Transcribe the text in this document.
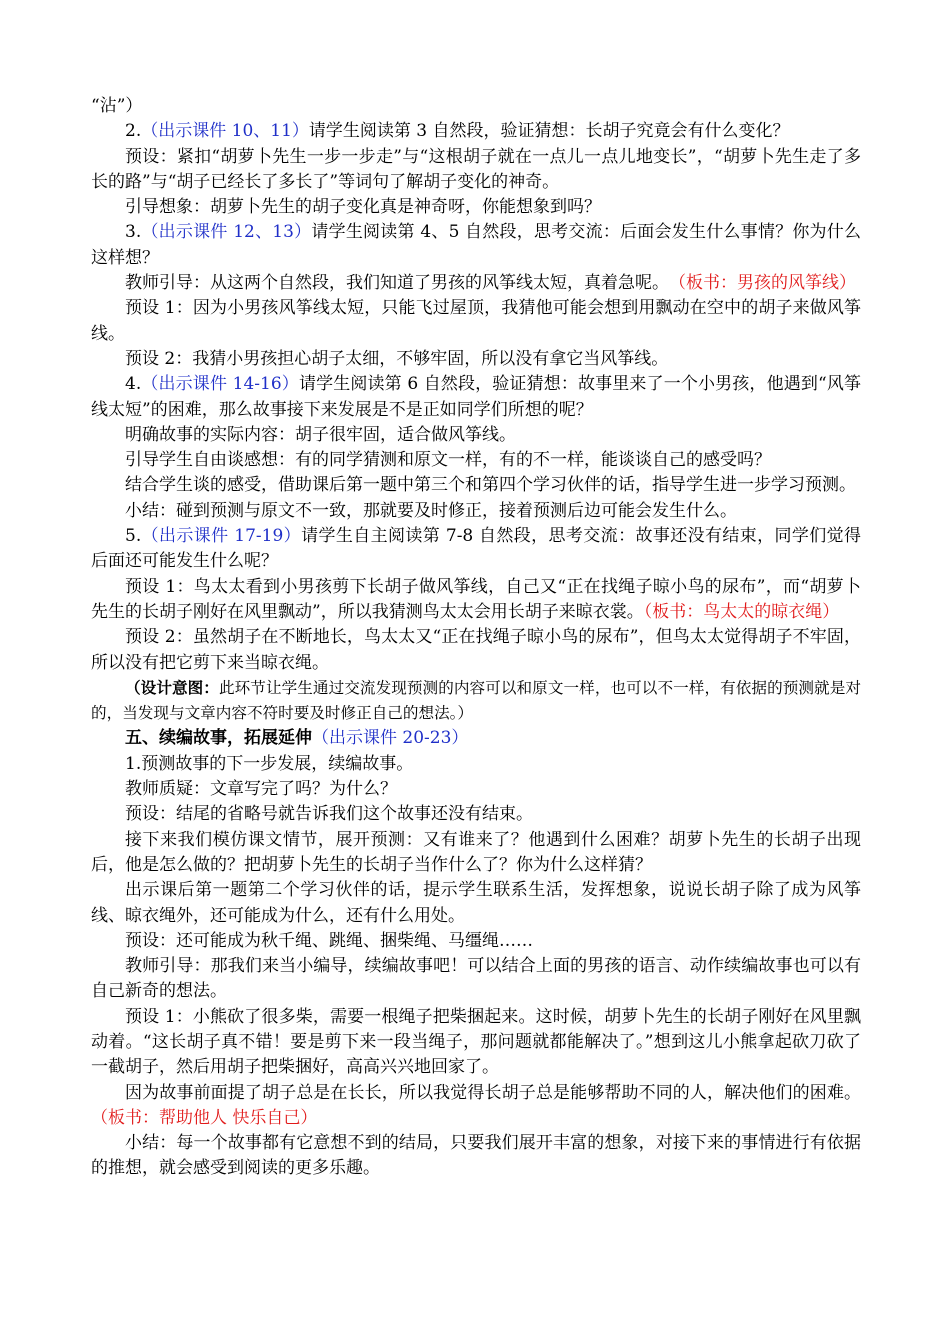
“沾”）

2.（出示课件 10、11）请学生阅读第 3 自然段，验证猜想：长胡子究竟会有什么变化？

预设：紧扣“胡萝卜先生一步一步走”与“这根胡子就在一点儿一点儿地变长”，“胡萝卜先生走了多长的路”与“胡子已经长了多长了”等词句了解胡子变化的神奇。

引导想象：胡萝卜先生的胡子变化真是神奇呀，你能想象到吗？

3.（出示课件 12、13）请学生阅读第 4、5 自然段，思考交流：后面会发生什么事情？你为什么这样想？

教师引导：从这两个自然段，我们知道了男孩的风筝线太短，真着急呢。　（板书：男孩的风筝线）

预设 1：因为小男孩风筝线太短，只能飞过屋顶，我猜他可能会想到用飘动在空中的胡子来做风筝线。

预设 2：我猜小男孩担心胡子太细，不够牢固，所以没有拿它当风筝线。

4.（出示课件 14-16）请学生阅读第 6 自然段，验证猜想：故事里来了一个小男孩，他遇到“风筝线太短”的困难，那么故事接下来发展是不是正如同学们所想的呢？

明确故事的实际内容：胡子很牢固，适合做风筝线。

引导学生自由谈感想：有的同学猜测和原文一样，有的不一样，能谈谈自己的感受吗？

结合学生谈的感受，借助课后第一题中第三个和第四个学习伙伴的话，指导学生进一步学习预测。

小结：碰到预测与原文不一致，那就要及时修正，接着预测后边可能会发生什么。

5.（出示课件 17-19）请学生自主阅读第 7-8 自然段，思考交流：故事还没有结束，同学们觉得后面还可能发生什么呢？

预设 1：鸟太太看到小男孩剪下长胡子做风筝线，自己又“正在找绳子晾小鸟的尿布”，而“胡萝卜先生的长胡子刚好在风里飘动”，所以我猜测鸟太太会用长胡子来晾衣裳。（板书：鸟太太的晾衣绳）

预设 2：虽然胡子在不断地长，鸟太太又“正在找绳子晾小鸟的尿布”，但鸟太太觉得胡子不牢固，所以没有把它剪下来当晾衣绳。

（设计意图：此环节让学生通过交流发现预测的内容可以和原文一样，也可以不一样，有依据的预测就是对的，当发现与文章内容不符时要及时修正自己的想法。）

五、续编故事，拓展延伸（出示课件 20-23）

1.预测故事的下一步发展，续编故事。

教师质疑：文章写完了吗？为什么？

预设：结尾的省略号就告诉我们这个故事还没有结束。

接下来我们模仿课文情节，展开预测：又有谁来了？他遇到什么困难？胡萝卜先生的长胡子出现后，他是怎么做的？把胡萝卜先生的长胡子当作什么了？你为什么这样猜？

出示课后第一题第二个学习伙伴的话，提示学生联系生活，发挥想象，说说长胡子除了成为风筝线、晾衣绳外，还可能成为什么，还有什么用处。

预设：还可能成为秋千绳、跳绳、捆柴绳、马缰绳……

教师引导：那我们来当小编导，续编故事吧！可以结合上面的男孩的语言、动作续编故事也可以有自己新奇的想法。

预设 1：小熊砍了很多柴，需要一根绳子把柴捆起来。这时候，胡萝卜先生的长胡子刚好在风里飘动着。“这长胡子真不错！要是剪下来一段当绳子，那问题就都能解决了。”想到这儿小熊拿起砍刀砍了一截胡子，然后用胡子把柴捆好，高高兴兴地回家了。

因为故事前面提了胡子总是在长长，所以我觉得长胡子总是能够帮助不同的人，解决他们的困难。（板书：帮助他人 快乐自己）

小结：每一个故事都有它意想不到的结局，只要我们展开丰富的想象，对接下来的事情进行有依据的推想，就会感受到阅读的更多乐趣。
